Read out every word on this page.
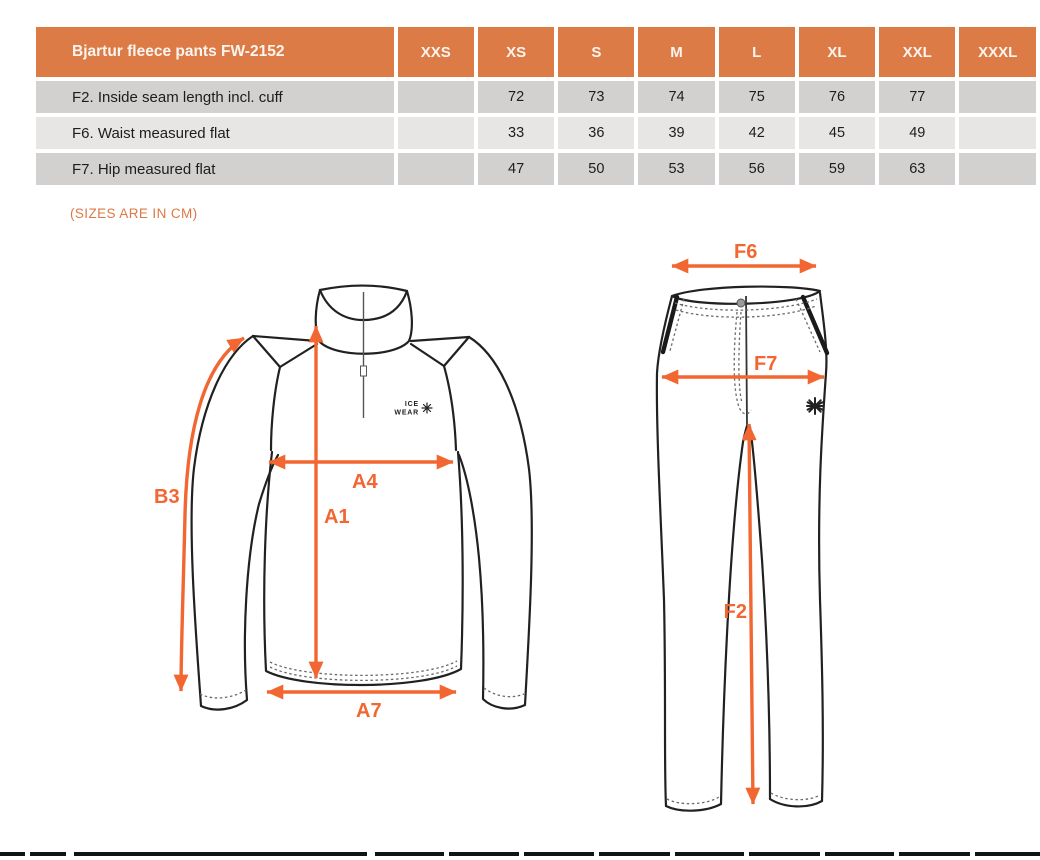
Bjartur fleece pants FW-2152	XXS	XS	S	M	L	XL	XXL	XXXL
F2. Inside seam length incl. cuff		72	73	74	75	76	77	
F6. Waist measured flat		33	36	39	42	45	49	
F7. Hip measured flat		47	50	53	56	59	63	
(SIZES ARE IN CM)
ICE
WEAR
A4
A1
A7
B3
F6
F7
F2
